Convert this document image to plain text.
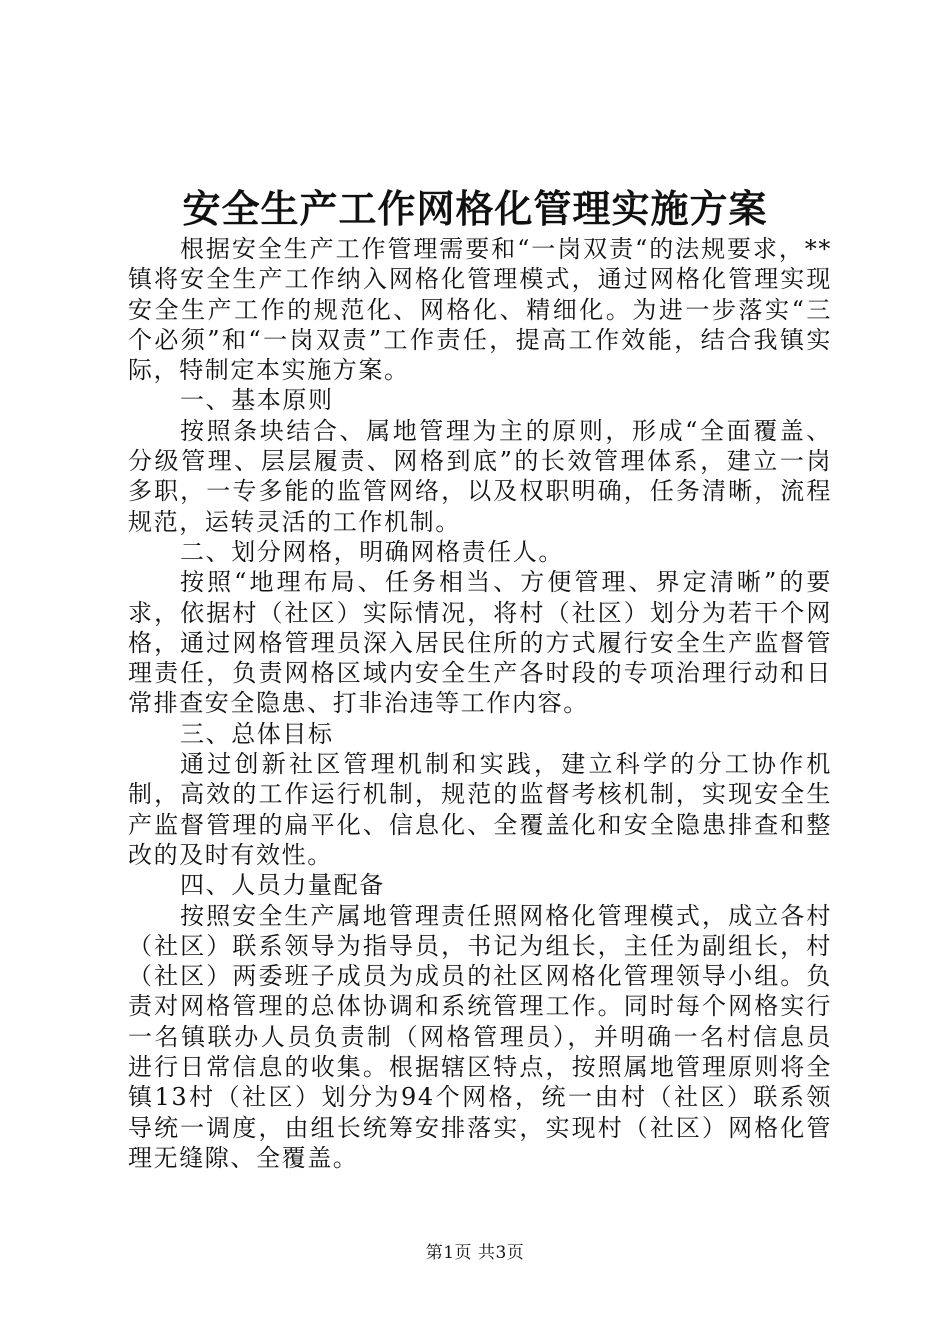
安全生产工作网格化管理实施方案

根据安全生产工作管理需要和“一岗双责“的法规要求，**镇将安全生产工作纳入网格化管理模式，通过网格化管理实现安全生产工作的规范化、网格化、精细化。为进一步落实“三个必须”和“一岗双责”工作责任，提高工作效能，结合我镇实际，特制定本实施方案。

一、基本原则

按照条块结合、属地管理为主的原则，形成“全面覆盖、分级管理、层层履责、网格到底”的长效管理体系，建立一岗多职，一专多能的监管网络，以及权职明确，任务清晰，流程规范，运转灵活的工作机制。

二、划分网格，明确网格责任人。

按照“地理布局、任务相当、方便管理、界定清晰”的要求，依据村（社区）实际情况，将村（社区）划分为若干个网格，通过网格管理员深入居民住所的方式履行安全生产监督管理责任，负责网格区域内安全生产各时段的专项治理行动和日常排查安全隐患、打非治违等工作内容。

三、总体目标

通过创新社区管理机制和实践，建立科学的分工协作机制，高效的工作运行机制，规范的监督考核机制，实现安全生产监督管理的扁平化、信息化、全覆盖化和安全隐患排查和整改的及时有效性。

四、人员力量配备

按照安全生产属地管理责任照网格化管理模式，成立各村（社区）联系领导为指导员，书记为组长，主任为副组长，村（社区）两委班子成员为成员的社区网格化管理领导小组。负责对网格管理的总体协调和系统管理工作。同时每个网格实行一名镇联办人员负责制（网格管理员），并明确一名村信息员进行日常信息的收集。根据辖区特点，按照属地管理原则将全镇13村（社区）划分为94个网格，统一由村（社区）联系领导统一调度，由组长统筹安排落实，实现村（社区）网格化管理无缝隙、全覆盖。

第1页 共3页
